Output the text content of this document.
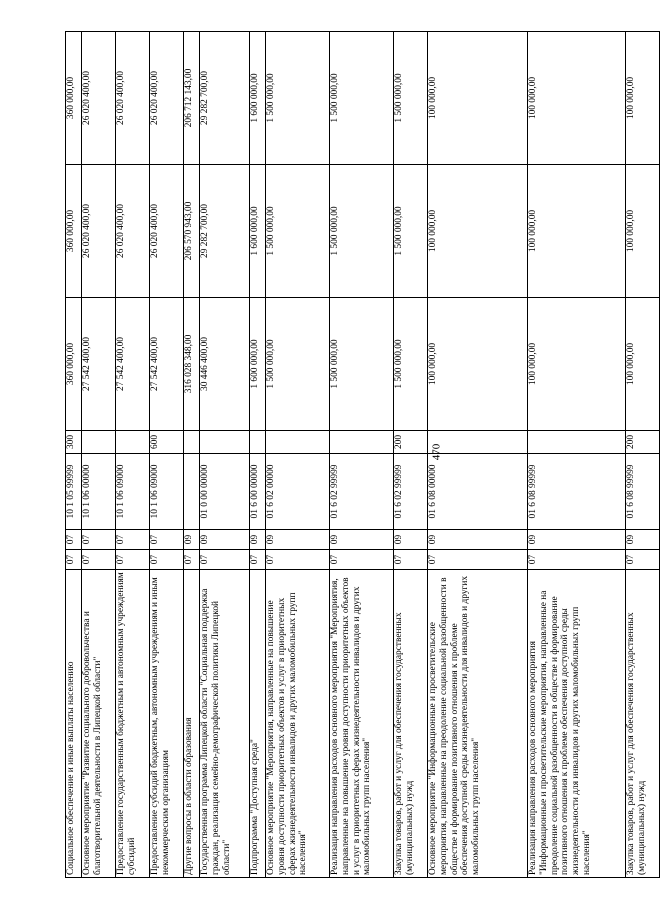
470
Социальное обеспечение и иные выплаты населению	07	07	10 1 05 99999	300	360 000,00	360 000,00	360 000,00
Основное мероприятие "Развитие социального добровольчества и благотворительной деятельности в Липецкой области"	07	07	10 1 06 00000		27 542 400,00	26 020 400,00	26 020 400,00
Предоставление государственным бюджетным и автономным учреждениям субсидий	07	07	10 1 06 09000		27 542 400,00	26 020 400,00	26 020 400,00
Предоставление субсидий бюджетным, автономным учреждениям и иным некоммерческим организациям	07	07	10 1 06 09000	600	27 542 400,00	26 020 400,00	26 020 400,00
Другие вопросы в области образования	07	09			316 028 348,00	206 570 943,00	206 712 143,00
Государственная программа Липецкой области "Социальная поддержка граждан, реализация семейно-демографической политики Липецкой области"	07	09	01 0 00 00000		30 446 400,00	29 282 700,00	29 282 700,00
Подпрограмма "Доступная среда"	07	09	01 6 00 00000		1 600 000,00	1 600 000,00	1 600 000,00
Основное мероприятие "Мероприятия, направленные на повышение уровня доступности приоритетных объектов и услуг в приоритетных сферах жизнедеятельности инвалидов и других маломобильных групп населения"	07	09	01 6 02 00000		1 500 000,00	1 500 000,00	1 500 000,00
Реализация направления расходов основного мероприятия "Мероприятия, направленные на повышение уровня доступности приоритетных объектов и услуг в приоритетных сферах жизнедеятельности инвалидов и других маломобильных групп населения"	07	09	01 6 02 99999		1 500 000,00	1 500 000,00	1 500 000,00
Закупка товаров, работ и услуг для обеспечения государственных (муниципальных) нужд	07	09	01 6 02 99999	200	1 500 000,00	1 500 000,00	1 500 000,00
Основное мероприятие "Информационные и просветительские мероприятия, направленные на преодоление социальной разобщенности в обществе и формирование позитивного отношения к проблеме обеспечения доступной среды жизнедеятельности для инвалидов и других маломобильных групп населения"	07	09	01 6 08 00000		100 000,00	100 000,00	100 000,00
Реализация направления расходов основного мероприятия "Информационные и просветительские мероприятия, направленные на преодоление социальной разобщенности в обществе и формирование позитивного отношения к проблеме обеспечения доступной среды жизнедеятельности для инвалидов и других маломобильных групп населения"	07	09	01 6 08 99999		100 000,00	100 000,00	100 000,00
Закупка товаров, работ и услуг для обеспечения государственных (муниципальных) нужд	07	09	01 6 08 99999	200	100 000,00	100 000,00	100 000,00
